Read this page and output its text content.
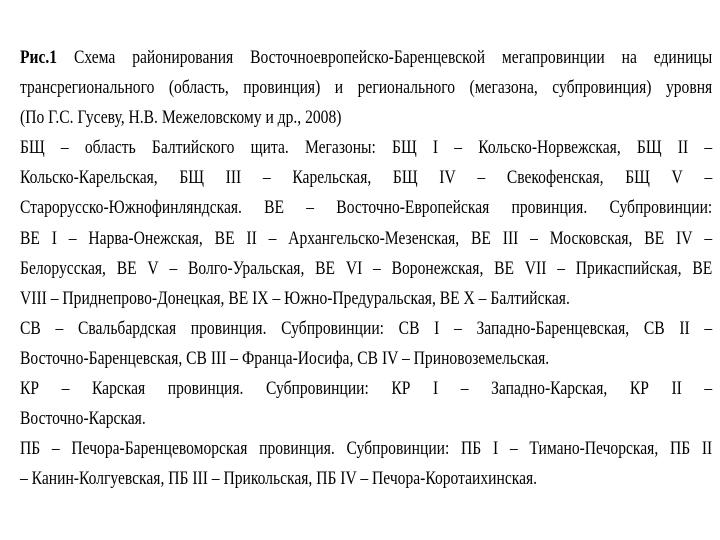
Рис.1 Схема районирования Восточноевропейско-Баренцевской мегапровинции на единицы
трансрегионального (область, провинция) и регионального (мегазона, субпровинция) уровня
(По Г.С. Гусеву, Н.В. Межеловскому и др., 2008)
БЩ – область Балтийского щита. Мегазоны: БЩ I – Кольско-Норвежская, БЩ II –
Кольско-Карельская, БЩ III – Карельская, БЩ IV – Свекофенская, БЩ V –
Старорусско-Южнофинляндская. ВЕ – Восточно-Европейская провинция. Субпровинции:
ВЕ I – Нарва-Онежская, ВЕ II – Архангельско-Мезенская, ВЕ III – Московская, ВЕ IV –
Белорусская, ВЕ V – Волго-Уральская, ВЕ VI – Воронежская, ВЕ VII – Прикаспийская, ВЕ
VIII – Приднепрово-Донецкая, ВЕ IX – Южно-Предуральская, ВЕ X – Балтийская.
СВ – Свальбардская провинция. Субпровинции: СВ I – Западно-Баренцевская, СВ II –
Восточно-Баренцевская, СВ III – Франца-Иосифа, СВ IV – Приновоземельская.
КР – Карская провинция. Субпровинции: КР I – Западно-Карская, КР II –
Восточно-Карская.
ПБ – Печора-Баренцевоморская провинция. Субпровинции: ПБ I – Тимано-Печорская, ПБ II
– Канин-Колгуевская, ПБ III – Прикольская, ПБ IV – Печора-Коротаихинская.
